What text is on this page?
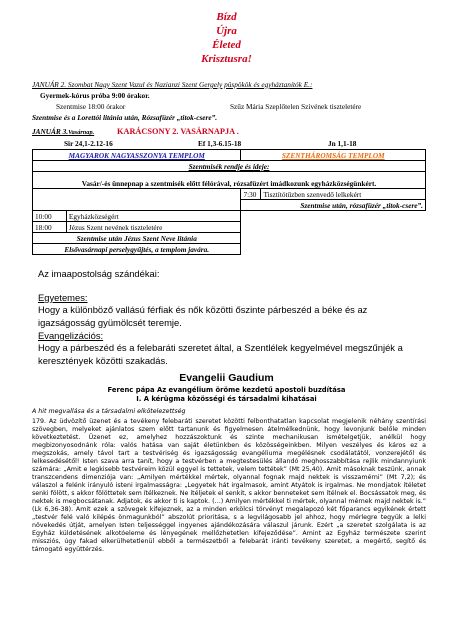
Bízd
Újra
Életed
Krisztusra!
JANUÁR 2. Szombat Nagy Szent Vazul és Nazianzi Szent Gergely püspökök és egyháztanítók E.:
Gyermek-kórus próba 9:00 órakor.
Szentmise 18:00 órakor	Szűz Mária Szeplőtelen Szívének tiszteletére
Szentmise és a Lorettói litánia után, Rózsafüzér „titok-csere”.
JANUÁR 3.Vasárnap.	KARÁCSONY 2. VASÁRNAPJA .
Sir 24,1-2.12-16	Ef 1,3-6.15-18	Jn 1,1-18
MAGYAROK NAGYASSZONYA TEMPLOM		SZENTHÁROMSÁG TEMPLOM	
Szentmisék rendje és ideje:			

Vasár/-és ünnepnap a szentmisék előtt félórával, rózsafüzért imádkozunk egyházközségünkért.			
		7:30	Tisztítótűzben szenvedő lelkekért
		Szentmise után, rózsafüzér „titok-csere”.	
10:00	Egyházközségért		
18:00	Jézus Szent nevének tiszteletére		
Szentmise után Jézus Szent Neve litánia			
Elsővasárnapi perselygyűjtés, a templom javára.			
Az imaapostolság szándékai:
Egyetemes:
Hogy a különböző vallású férfiak és nők közötti őszinte párbeszéd a béke és az igazságosság gyümölcsét teremje.
Evangelizációs:
Hogy a párbeszéd és a felebaráti szeretet által, a Szentlélek kegyelmével megszűnjék a keresztények közötti szakadás.
Evangelii Gaudium
Ferenc pápa Az evangélium öröme kezdetű apostoli buzdítása
I. A kérügma közösségi és társadalmi kihatásai
A hit megvallása és a társadalmi elkötelezettség
179. Az üdvözítő üzenet és a tevékeny felebaráti szeretet közötti felbonthatatlan kapcsolat megjelenik néhány szentírási szövegben, melyeket ajánlatos szem előtt tartanunk és figyelmesen átelmélkednünk, hogy levonjunk belőle minden következtetést. Üzenet ez, amelyhez hozzászoktunk és szinte mechanikusan ismételgetjük, anélkül hogy megbizonyosodnánk róla: valós hatása van saját életünkben és közösségeinkben. Milyen veszélyes és káros ez a megszokás, amely távol tart a testvériség és igazságosság evangéliuma megélésnek csodálatától, vonzerejétől és lelkesedésétől! Isten szava arra tanít, hogy a testvérben a megtestesülés állandó meghosszabbítása rejlik mindannyiunk számára: „Amit e legkisebb testvéreim közül eggyel is tettetek, velem tettétek” (Mt 25,40). Amit másoknak teszünk, annak transzcendens dimenziója van: „Amilyen mértékkel mértek, olyannal fognak majd nektek is visszamérni” (Mt 7,2); és válaszol a felénk irányuló isteni irgalmasságra: „Legyetek hát irgalmasok, amint Atyátok is irgalmas. Ne mondjatok ítéletet senki fölött, s akkor fölöttetek sem ítélkeznek. Ne ítéljetek el senkit, s akkor benneteket sem ítélnek el. Bocsássatok meg, és nektek is megbocsátanak. Adjatok, és akkor ti is kaptok. (…) Amilyen mértékkel ti mértek, olyannal mérnek majd nektek is.” (Lk 6,36-38). Amit ezek a szövegek kifejeznek, az a minden erkölcsi törvényt megalapozó két főparancs egyikének értett „testvér felé való kilépés önmagunkból” abszolút prioritása, s a legvilágosabb jel ahhoz, hogy mérlegre tegyük a lelki növekedés útját, amelyen Isten teljességgel ingyenes ajándékozására válaszul járunk. Ezért „a szeretet szolgálata is az Egyház küldetésének alkotóeleme és lényegének mellőzhetetlen kifejeződése”. Amint az Egyház természete szerint missziós, úgy fakad elkerülhetetlenül ebből a természetből a felebarát iránti tevékeny szeretet, a megértő, segítő és támogató együttérzés.
